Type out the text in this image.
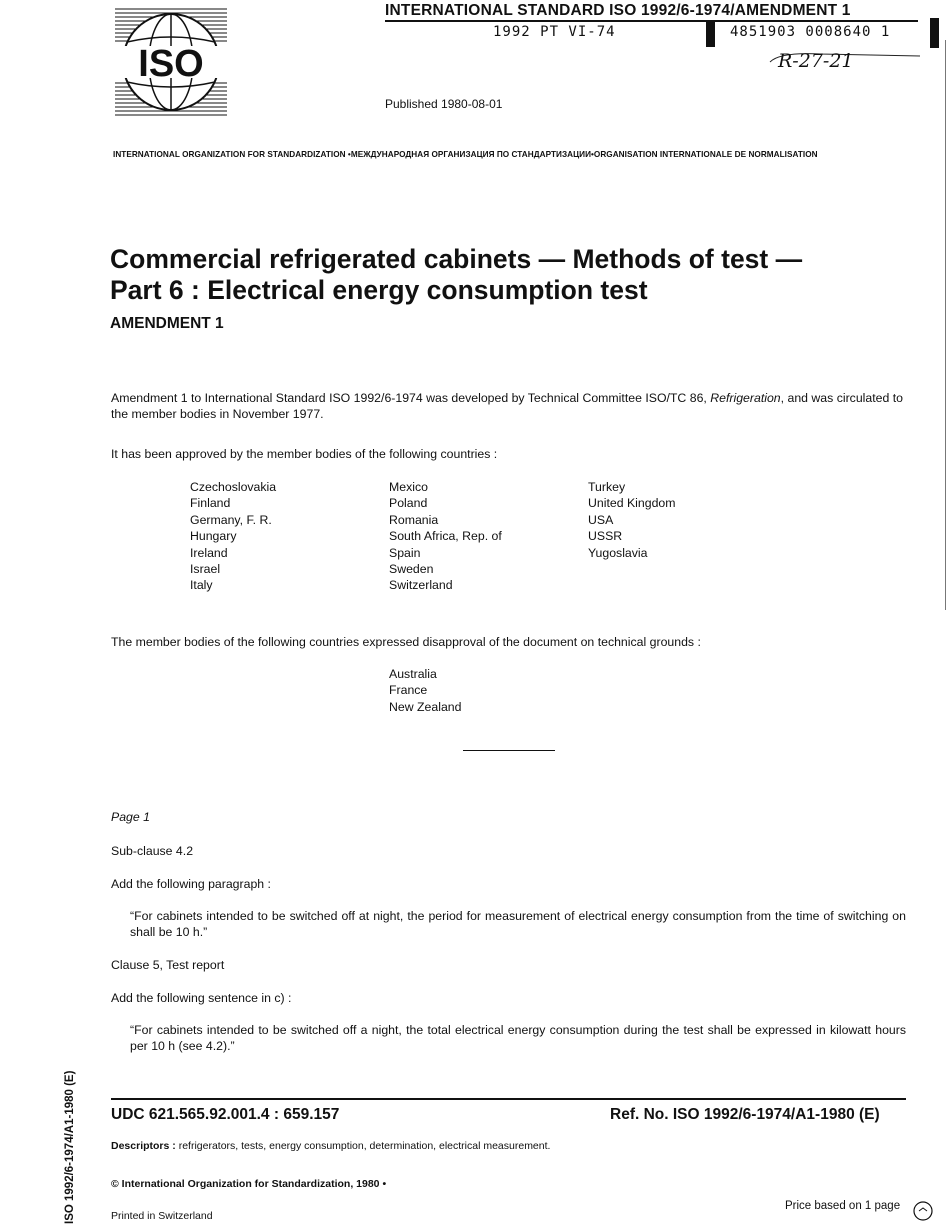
ISO
INTERNATIONAL STANDARD ISO 1992/6-1974/AMENDMENT 1
1992 PT VI-74	4851903 0008640 1
R-27-21
Published 1980-08-01
INTERNATIONAL ORGANIZATION FOR STANDARDIZATION •МЕЖДУНАРОДНАЯ ОРГАНИЗАЦИЯ ПО СТАНДАРТИЗАЦИИ•ORGANISATION INTERNATIONALE DE NORMALISATION
Commercial refrigerated cabinets — Methods of test —
Part 6 : Electrical energy consumption test
AMENDMENT 1
Amendment 1 to International Standard ISO 1992/6-1974 was developed by Technical Committee ISO/TC 86, Refrigeration, and was circulated to the member bodies in November 1977.
It has been approved by the member bodies of the following countries :
Czechoslovakia
Finland
Germany, F. R.
Hungary
Ireland
Israel
Italy
Mexico
Poland
Romania
South Africa, Rep. of
Spain
Sweden
Switzerland
Turkey
United Kingdom
USA
USSR
Yugoslavia
The member bodies of the following countries expressed disapproval of the document on technical grounds :
Australia
France
New Zealand
Page 1
Sub-clause 4.2
Add the following paragraph :
“For cabinets intended to be switched off at night, the period for measurement of electrical energy consumption from the time of switching on shall be 10 h.”
Clause 5, Test report
Add the following sentence in c) :
“For cabinets intended to be switched off a night, the total electrical energy consumption during the test shall be expressed in kilowatt hours per 10 h (see 4.2).”
UDC 621.565.92.001.4 : 659.157	Ref. No. ISO 1992/6-1974/A1-1980 (E)
Descriptors : refrigerators, tests, energy consumption, determination, electrical measurement.
© International Organization for Standardization, 1980 •
Printed in Switzerland
Price based on 1 page
ISO 1992/6-1974/A1-1980 (E)
